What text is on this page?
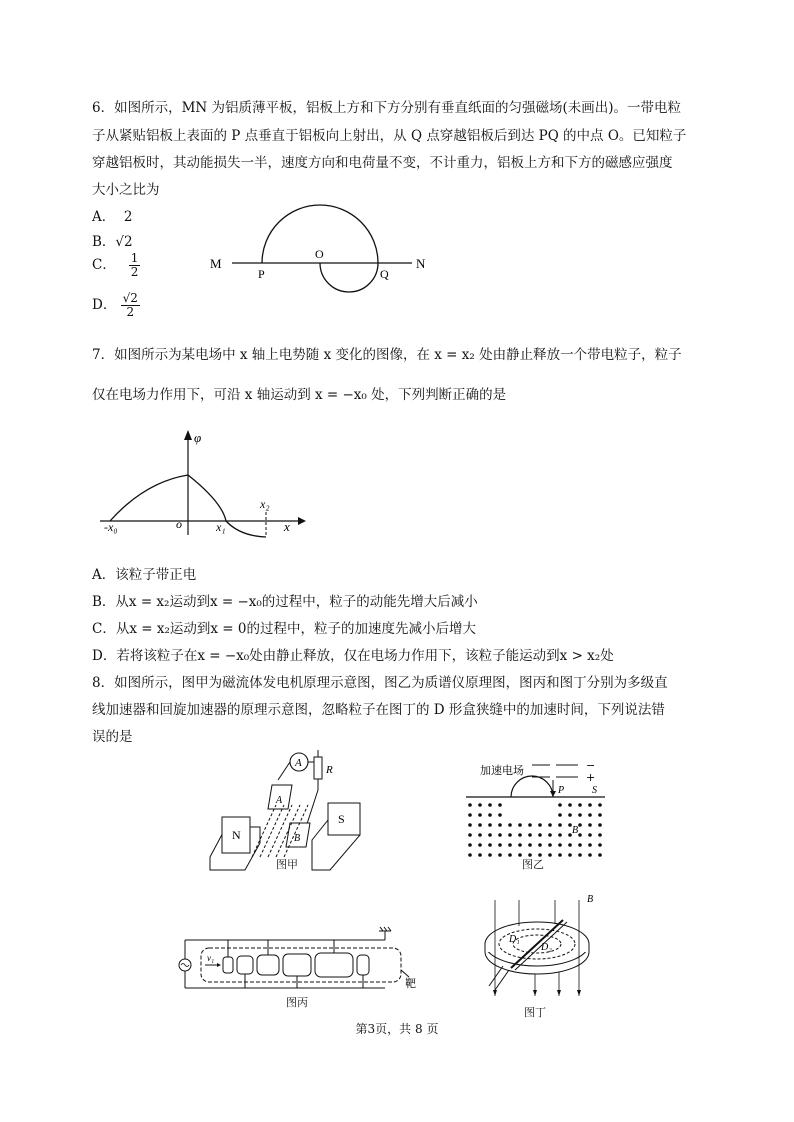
6．如图所示，MN 为铝质薄平板，铝板上方和下方分别有垂直纸面的匀强磁场(未画出)。一带电粒
子从紧贴铝板上表面的 P 点垂直于铝板向上射出，从 Q 点穿越铝板后到达 PQ 的中点 O。已知粒子
穿越铝板时，其动能损失一半，速度方向和电荷量不变，不计重力，铝板上方和下方的磁感应强度
大小之比为
A． 2
B．√2
C． $\frac{1}{2}$
D． $\frac{√2}{2}$
M	N
P
O
Q
7．如图所示为某电场中 x 轴上电势随 x 变化的图像，在 x = x₂ 处由静止释放一个带电粒子，粒子
仅在电场力作用下，可沿 x 轴运动到 x = −x₀ 处，下列判断正确的是
φ
x
-x₀	o	x₁
x₂
A．该粒子带正电
B．从x = x₂运动到x = −x₀的过程中，粒子的动能先增大后减小
C．从x = x₂运动到x = 0的过程中，粒子的加速度先减小后增大
D．若将该粒子在x = −x₀处由静止释放，仅在电场力作用下，该粒子能运动到x > x₂处
8．如图所示，图甲为磁流体发电机原理示意图，图乙为质谱仪原理图，图丙和图丁分别为多级直
线加速器和回旋加速器的原理示意图，忽略粒子在图丁的 D 形盒狭缝中的加速时间，下列说法错
误的是
A
R
N
S
A
B
图甲
加速电场	−
+
P	S
B
图乙
v₁
靶
图丙
B
D₁
D₂
图丁
第3页，共 8 页
